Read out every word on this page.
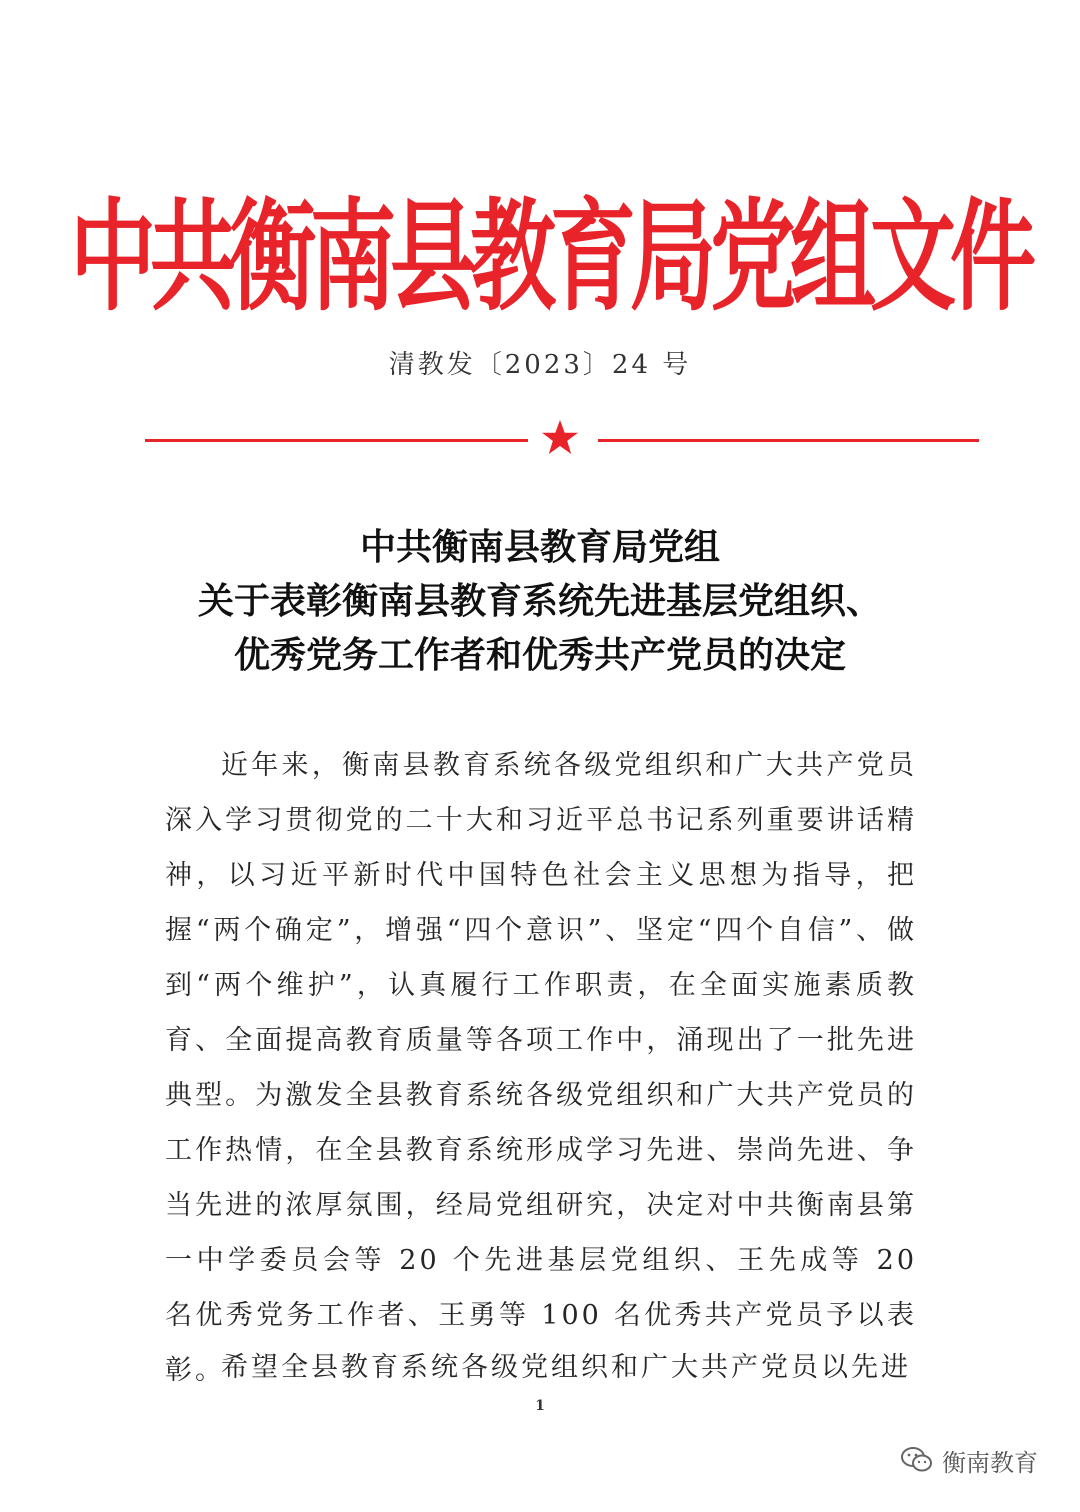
中共衡南县教育局党组文件
清教发〔2023〕24 号
中共衡南县教育局党组
关于表彰衡南县教育系统先进基层党组织、
优秀党务工作者和优秀共产党员的决定

近年来，衡南县教育系统各级党组织和广大共产党员深入学习贯彻党的二十大和习近平总书记系列重要讲话精神，以习近平新时代中国特色社会主义思想为指导，把握“两个确定”，增强“四个意识”、坚定“四个自信”、做到“两个维护”，认真履行工作职责，在全面实施素质教育、全面提高教育质量等各项工作中，涌现出了一批先进典型。为激发全县教育系统各级党组织和广大共产党员的工作热情，在全县教育系统形成学习先进、崇尚先进、争当先进的浓厚氛围，经局党组研究，决定对中共衡南县第一中学委员会等 20 个先进基层党组织、王先成等 20 名优秀党务工作者、王勇等 100 名优秀共产党员予以表彰。

希望全县教育系统各级党组织和广大共产党员以先进

1
衡南教育
